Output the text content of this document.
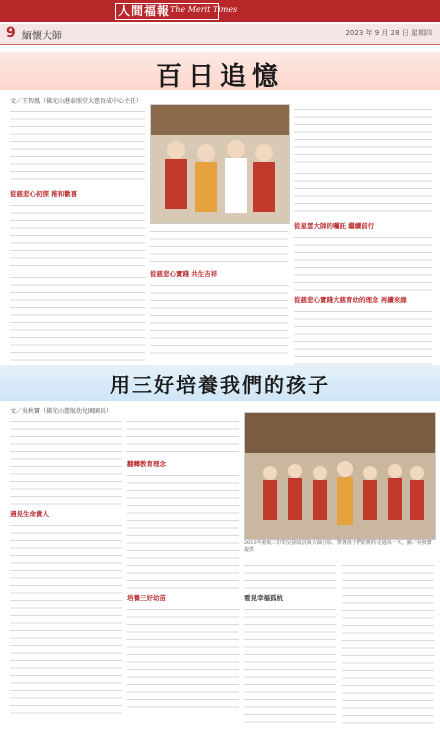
人間福報 The Merit Times
9 緬懷大師	2023 年 9 月 28 日 星期四
百日追憶
文／王智鳳（佛光山港泰照堂大慈育成中心主任）
從慈悲心初探 稚和歡喜
從慈悲心實踐 共生吉祥
從星雲大師的囑託 繼續前行
從慈悲心實踐大慈育幼的理念 再續來緣
用三好培養我們的孩子
文／吳秋寶（佛光山慈航幼兒園園長）
遇見生命貴人
翻轉教育理念
培養三好幼苗
2013年慈航三好幼兒園成員與大師合影，帶著孩子們的期待走過每一天。圖／吳秋寶提供
看見幸福孤杭
